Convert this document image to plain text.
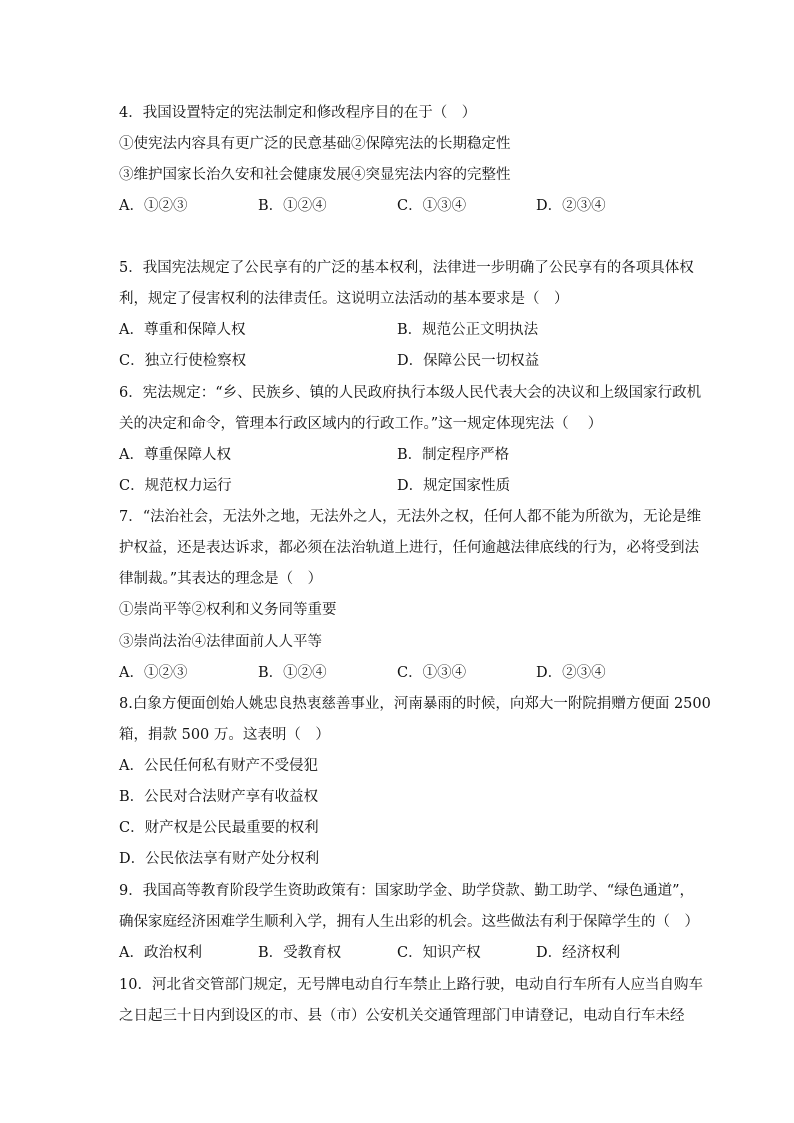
4．我国设置特定的宪法制定和修改程序目的在于（　）
①使宪法内容具有更广泛的民意基础②保障宪法的长期稳定性
③维护国家长治久安和社会健康发展④突显宪法内容的完整性
A．①②③	B．①②④	C．①③④	D．②③④
5．我国宪法规定了公民享有的广泛的基本权利，法律进一步明确了公民享有的各项具体权
利，规定了侵害权利的法律责任。这说明立法活动的基本要求是（　）
A．尊重和保障人权	B．规范公正文明执法
C．独立行使检察权	D．保障公民一切权益
6．宪法规定：“乡、民族乡、镇的人民政府执行本级人民代表大会的决议和上级国家行政机
关的决定和命令，管理本行政区域内的行政工作。”这一规定体现宪法（　 ）
A．尊重保障人权	B．制定程序严格
C．规范权力运行	D．规定国家性质
7．“法治社会，无法外之地，无法外之人，无法外之权，任何人都不能为所欲为，无论是维
护权益，还是表达诉求，都必须在法治轨道上进行，任何逾越法律底线的行为，必将受到法
律制裁。”其表达的理念是（　）
①崇尚平等②权利和义务同等重要
③崇尚法治④法律面前人人平等
A．①②③	B．①②④	C．①③④	D．②③④
8.白象方便面创始人姚忠良热衷慈善事业，河南暴雨的时候，向郑大一附院捐赠方便面 2500
箱，捐款 500 万。这表明（　）
A．公民任何私有财产不受侵犯
B．公民对合法财产享有收益权
C．财产权是公民最重要的权利
D．公民依法享有财产处分权利
9．我国高等教育阶段学生资助政策有：国家助学金、助学贷款、勤工助学、“绿色通道”，
确保家庭经济困难学生顺利入学，拥有人生出彩的机会。这些做法有利于保障学生的（　）
A．政治权利	B．受教育权	C．知识产权	D．经济权利
10．河北省交管部门规定，无号牌电动自行车禁止上路行驶，电动自行车所有人应当自购车
之日起三十日内到设区的市、县（市）公安机关交通管理部门申请登记，电动自行车未经
